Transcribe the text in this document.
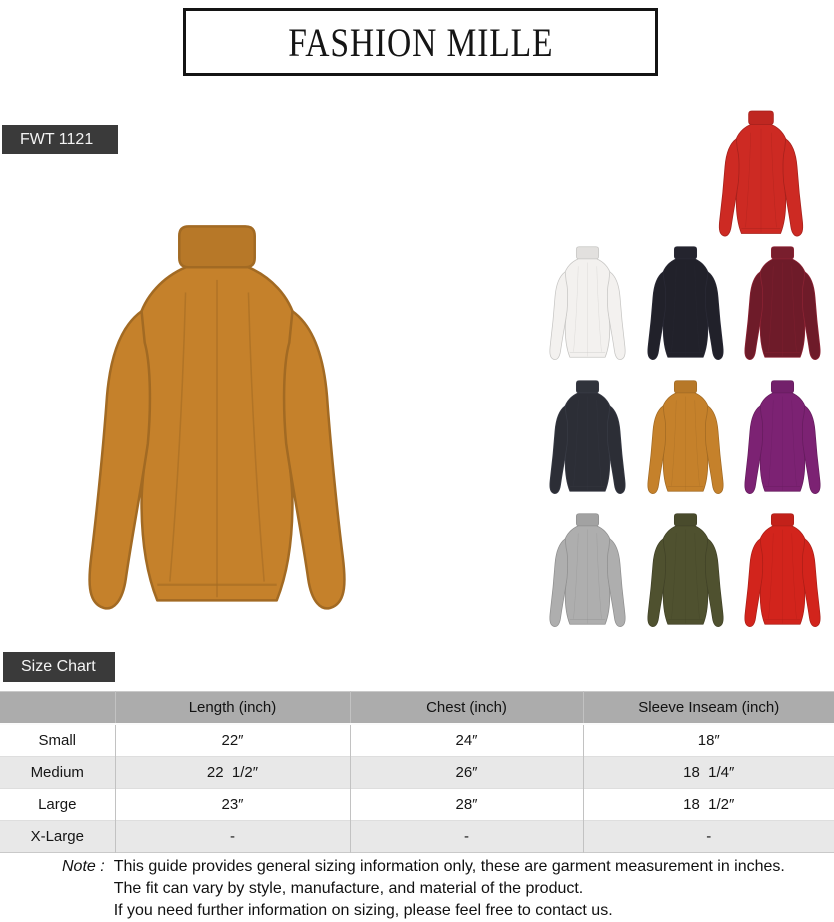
FASHION MILLE
FWT 1121
Size Chart
	Length (inch)	Chest (inch)	Sleeve Inseam (inch)
Small	22″	24″	18″
Medium	22  1/2″	26″	18  1/4″
Large	23″	28″	18  1/2″
X-Large	-	-	-
Note : This guide provides general sizing information only, these are garment measurement in inches.
The fit can vary by style, manufacture, and material of the product.
If you need further information on sizing, please feel free to contact us.
